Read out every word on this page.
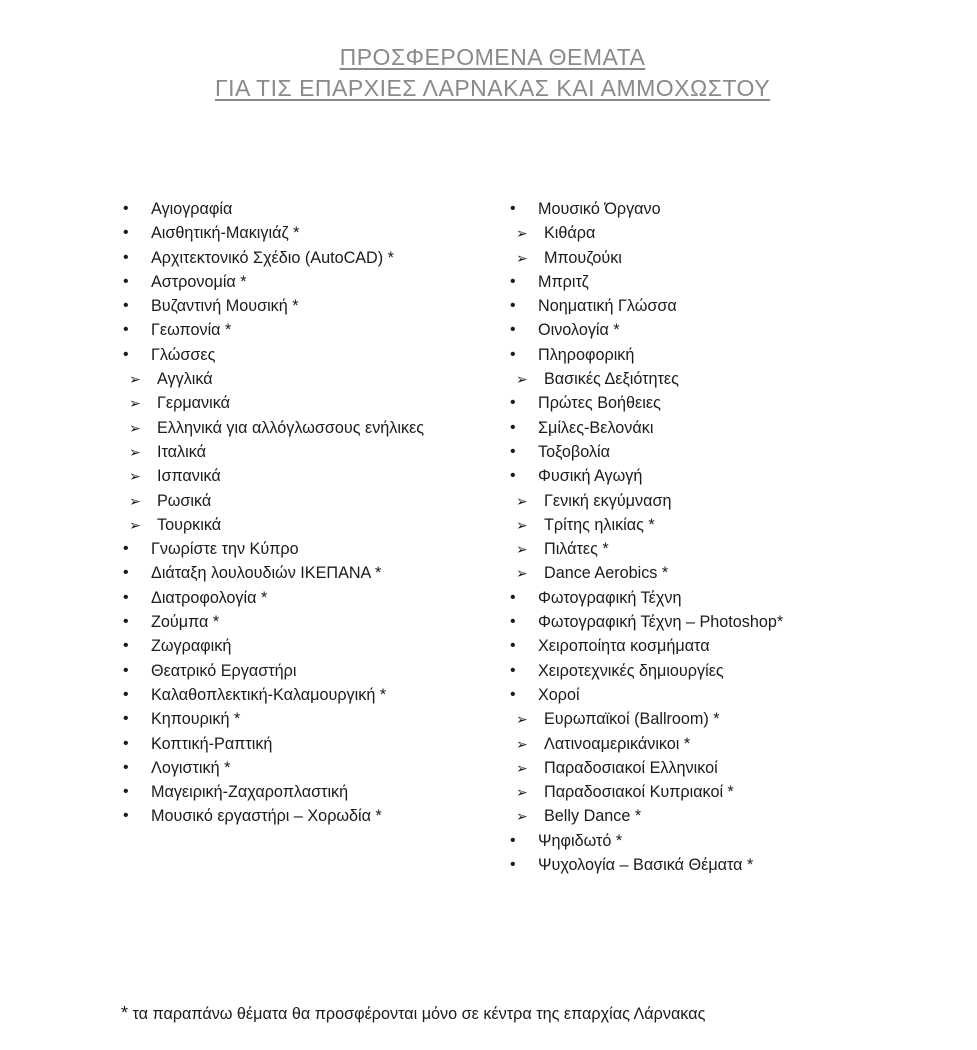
ΠΡΟΣΦΕΡΟΜΕΝΑ ΘΕΜΑΤΑ
ΓΙΑ ΤΙΣ ΕΠΑΡΧΙΕΣ ΛΑΡΝΑΚΑΣ ΚΑΙ ΑΜΜΟΧΩΣΤΟΥ
• Αγιογραφία
• Αισθητική-Μακιγιάζ *
• Αρχιτεκτονικό Σχέδιο (AutoCAD) *
• Αστρονομία *
• Βυζαντινή Μουσική *
• Γεωπονία *
• Γλώσσες
➢ Αγγλικά
➢ Γερμανικά
➢ Ελληνικά για αλλόγλωσσους ενήλικες
➢ Ιταλικά
➢ Ισπανικά
➢ Ρωσικά
➢ Τουρκικά
• Γνωρίστε την Κύπρο
• Διάταξη λουλουδιών ΙΚΕΠΑΝΑ *
• Διατροφολογία *
• Ζούμπα *
• Ζωγραφική
• Θεατρικό Εργαστήρι
• Καλαθοπλεκτική-Καλαμουργική *
• Κηπουρική *
• Κοπτική-Ραπτική
• Λογιστική *
• Μαγειρική-Ζαχαροπλαστική
• Μουσικό εργαστήρι – Χορωδία *
• Μουσικό Όργανο
➢ Κιθάρα
➢ Μπουζούκι
• Μπριτζ
• Νοηματική Γλώσσα
• Οινολογία *
• Πληροφορική
➢ Βασικές Δεξιότητες
• Πρώτες Βοήθειες
• Σμίλες-Βελονάκι
• Τοξοβολία
• Φυσική Αγωγή
➢ Γενική εκγύμναση
➢ Τρίτης ηλικίας *
➢ Πιλάτες *
➢ Dance Aerobics *
• Φωτογραφική Τέχνη
• Φωτογραφική Τέχνη – Photoshop*
• Χειροποίητα κοσμήματα
• Χειροτεχνικές δημιουργίες
• Χοροί
➢ Ευρωπαϊκοί (Ballroom) *
➢ Λατινοαμερικάνικοι *
➢ Παραδοσιακοί Ελληνικοί
➢ Παραδοσιακοί Κυπριακοί *
➢ Belly Dance *
• Ψηφιδωτό *
• Ψυχολογία – Βασικά Θέματα *
* τα παραπάνω θέματα θα προσφέρονται μόνο σε κέντρα της επαρχίας Λάρνακας
